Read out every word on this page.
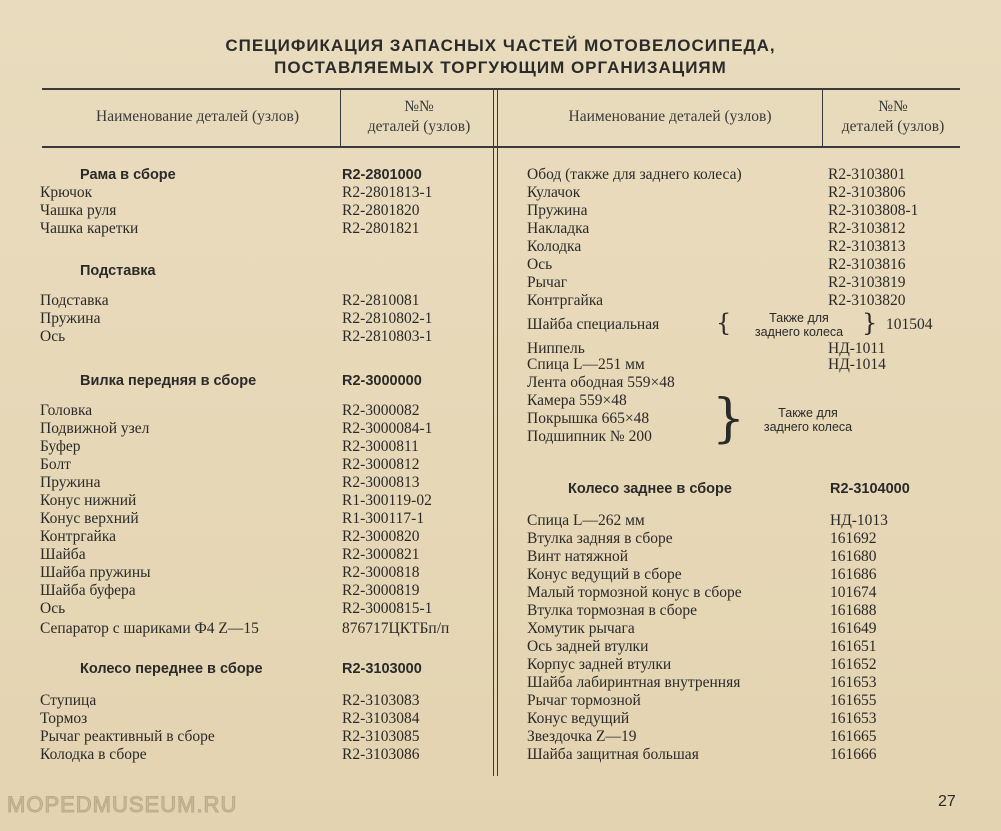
СПЕЦИФИКАЦИЯ ЗАПАСНЫХ ЧАСТЕЙ МОТОВЕЛОСИПЕДА,
ПОСТАВЛЯЕМЫХ ТОРГУЮЩИМ ОРГАНИЗАЦИЯМ
Наименование деталей (узлов)
№№
деталей (узлов)
Наименование деталей (узлов)
№№
деталей (узлов)
Рама в сборе	R2-2801000
Крючок	R2-2801813-1
Чашка руля	R2-2801820
Чашка каретки	R2-2801821
Подставка
Подставка	R2-2810081
Пружина	R2-2810802-1
Ось	R2-2810803-1
Вилка передняя в сборе	R2-3000000
Головка	R2-3000082
Подвижной узел	R2-3000084-1
Буфер	R2-3000811
Болт	R2-3000812
Пружина	R2-3000813
Конус нижний	R1-300119-02
Конус верхний	R1-300117-1
Контргайка	R2-3000820
Шайба	R2-3000821
Шайба пружины	R2-3000818
Шайба буфера	R2-3000819
Ось	R2-3000815-1
Сепаратор с шариками Ф4 Z—15	876717ЦКТБп/п
Колесо переднее в сборе	R2-3103000
Ступица	R2-3103083
Тормоз	R2-3103084
Рычаг реактивный в сборе	R2-3103085
Колодка в сборе	R2-3103086
Обод (также для заднего колеса)	R2-3103801
Кулачок	R2-3103806
Пружина	R2-3103808-1
Накладка	R2-3103812
Колодка	R2-3103813
Ось	R2-3103816
Рычаг	R2-3103819
Контргайка	R2-3103820
Шайба специальная	101504
Ниппель	НД-1011
Спица L—251 мм	НД-1014
Лента ободная 559×48
Камера 559×48
Покрышка 665×48
Подшипник № 200
Колесо заднее в сборе	R2-3104000
Спица L—262 мм	НД-1013
Втулка задняя в сборе	161692
Винт натяжной	161680
Конус ведущий в сборе	161686
Малый тормозной конус в сборе	101674
Втулка тормозная в сборе	161688
Хомутик рычага	161649
Ось задней втулки	161651
Корпус задней втулки	161652
Шайба лабиринтная внутренняя	161653
Рычаг тормозной	161655
Конус ведущий	161653
Звездочка Z—19	161665
Шайба защитная большая	161666
{	Также для
заднего колеса }
}	Также для
заднего колеса
MOPEDMUSEUM.RU	27
